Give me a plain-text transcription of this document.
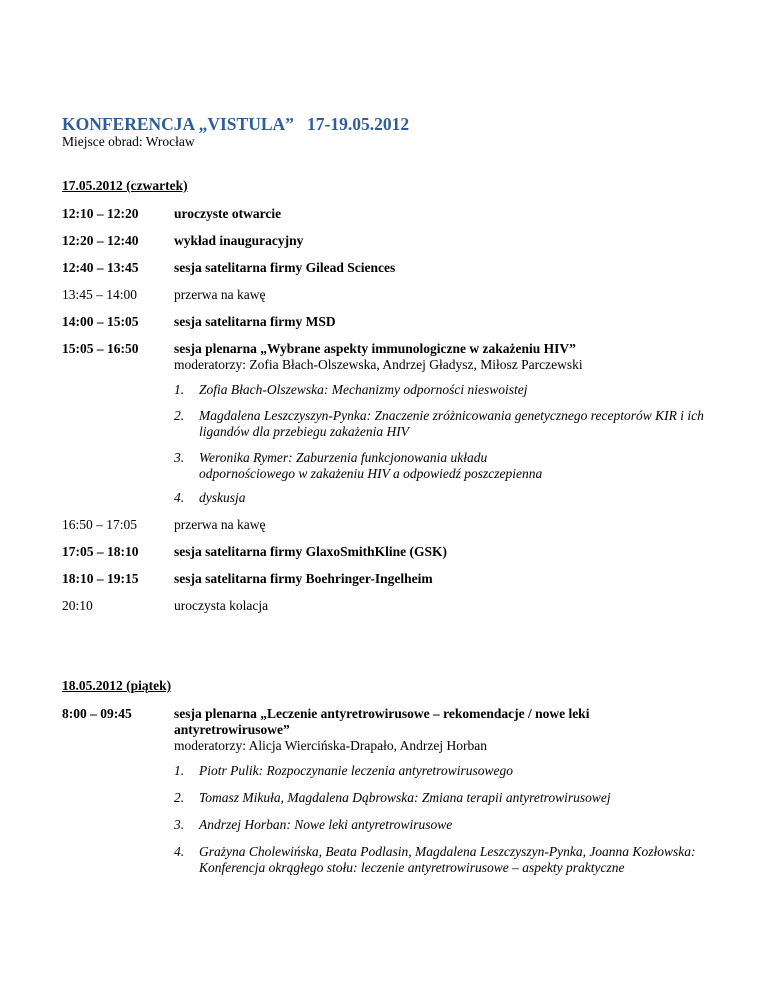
KONFERENCJA „VISTULA”   17-19.05.2012
Miejsce obrad: Wrocław
17.05.2012 (czwartek)
12:10 – 12:20	uroczyste otwarcie
12:20 – 12:40	wykład inauguracyjny
12:40 – 13:45	sesja satelitarna firmy Gilead Sciences
13:45 – 14:00	przerwa na kawę
14:00 – 15:05	sesja satelitarna firmy MSD
15:05 – 16:50	sesja plenarna „Wybrane aspekty immunologiczne w zakażeniu HIV”
moderatorzy: Zofia Błach-Olszewska, Andrzej Gładysz, Miłosz Parczewski
1.	Zofia Błach-Olszewska: Mechanizmy odporności nieswoistej
2.	Magdalena Leszczyszyn-Pynka: Znaczenie zróżnicowania genetycznego receptorów KIR i ich ligandów dla przebiegu zakażenia HIV
3.	Weronika Rymer: Zaburzenia funkcjonowania układu odpornościowego w zakażeniu HIV a odpowiedź poszczepienna
4.	dyskusja
16:50 – 17:05	przerwa na kawę
17:05 – 18:10	sesja satelitarna firmy GlaxoSmithKline (GSK)
18:10 – 19:15	sesja satelitarna firmy Boehringer-Ingelheim
20:10	uroczysta kolacja
18.05.2012 (piątek)
8:00 – 09:45	sesja plenarna „Leczenie antyretrowirusowe – rekomendacje / nowe leki antyretrowirusowe”
moderatorzy: Alicja Wiercińska-Drapało, Andrzej Horban
1.	Piotr Pulik: Rozpoczynanie leczenia antyretrowirusowego
2.	Tomasz Mikuła, Magdalena Dąbrowska: Zmiana terapii antyretrowirusowej
3.	Andrzej Horban: Nowe leki antyretrowirusowe
4.	Grażyna Cholewińska, Beata Podlasin, Magdalena Leszczyszyn-Pynka, Joanna Kozłowska: Konferencja okrągłego stołu: leczenie antyretrowirusowe – aspekty praktyczne
